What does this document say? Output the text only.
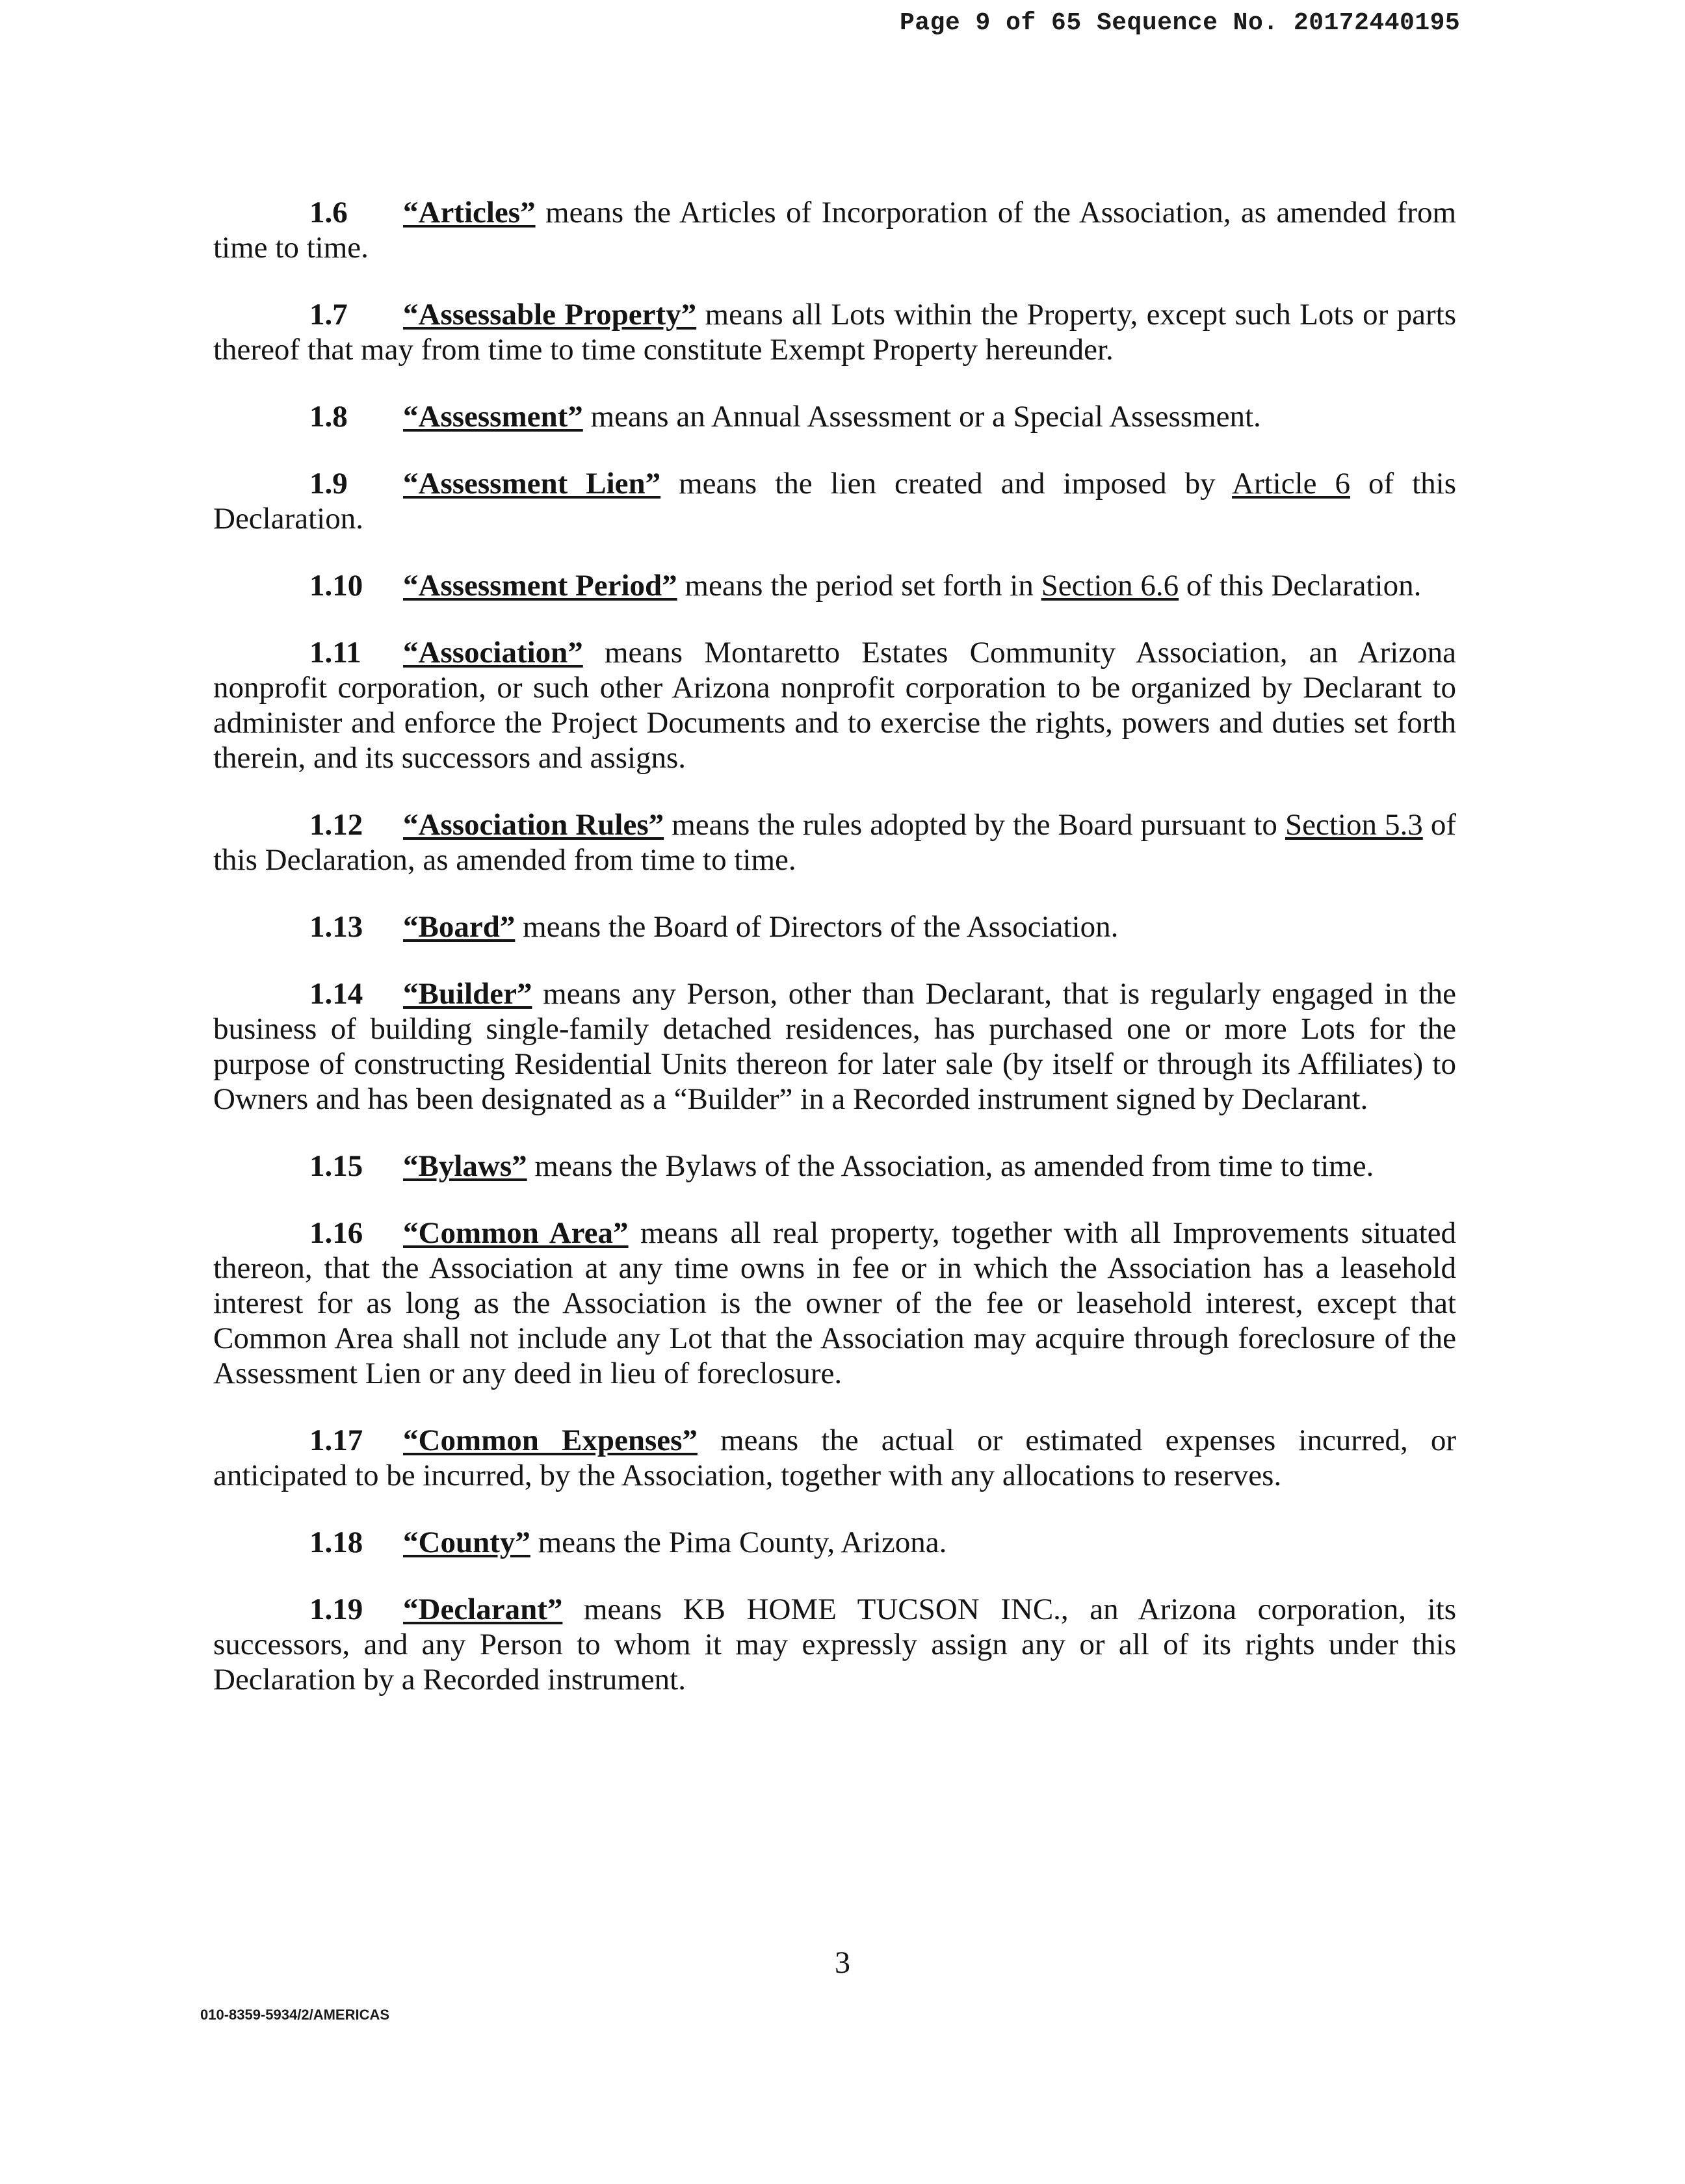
Page 9 of 65 Sequence No. 20172440195

1.6 “Articles” means the Articles of Incorporation of the Association, as amended from time to time.

1.7 “Assessable Property” means all Lots within the Property, except such Lots or parts thereof that may from time to time constitute Exempt Property hereunder.

1.8 “Assessment” means an Annual Assessment or a Special Assessment.

1.9 “Assessment Lien” means the lien created and imposed by Article 6 of this Declaration.

1.10 “Assessment Period” means the period set forth in Section 6.6 of this Declaration.

1.11 “Association” means Montaretto Estates Community Association, an Arizona nonprofit corporation, or such other Arizona nonprofit corporation to be organized by Declarant to administer and enforce the Project Documents and to exercise the rights, powers and duties set forth therein, and its successors and assigns.

1.12 “Association Rules” means the rules adopted by the Board pursuant to Section 5.3 of this Declaration, as amended from time to time.

1.13 “Board” means the Board of Directors of the Association.

1.14 “Builder” means any Person, other than Declarant, that is regularly engaged in the business of building single-family detached residences, has purchased one or more Lots for the purpose of constructing Residential Units thereon for later sale (by itself or through its Affiliates) to Owners and has been designated as a “Builder” in a Recorded instrument signed by Declarant.

1.15 “Bylaws” means the Bylaws of the Association, as amended from time to time.

1.16 “Common Area” means all real property, together with all Improvements situated thereon, that the Association at any time owns in fee or in which the Association has a leasehold interest for as long as the Association is the owner of the fee or leasehold interest, except that Common Area shall not include any Lot that the Association may acquire through foreclosure of the Assessment Lien or any deed in lieu of foreclosure.

1.17 “Common Expenses” means the actual or estimated expenses incurred, or anticipated to be incurred, by the Association, together with any allocations to reserves.

1.18 “County” means the Pima County, Arizona.

1.19 “Declarant” means KB HOME TUCSON INC., an Arizona corporation, its successors, and any Person to whom it may expressly assign any or all of its rights under this Declaration by a Recorded instrument.

3
010-8359-5934/2/AMERICAS
